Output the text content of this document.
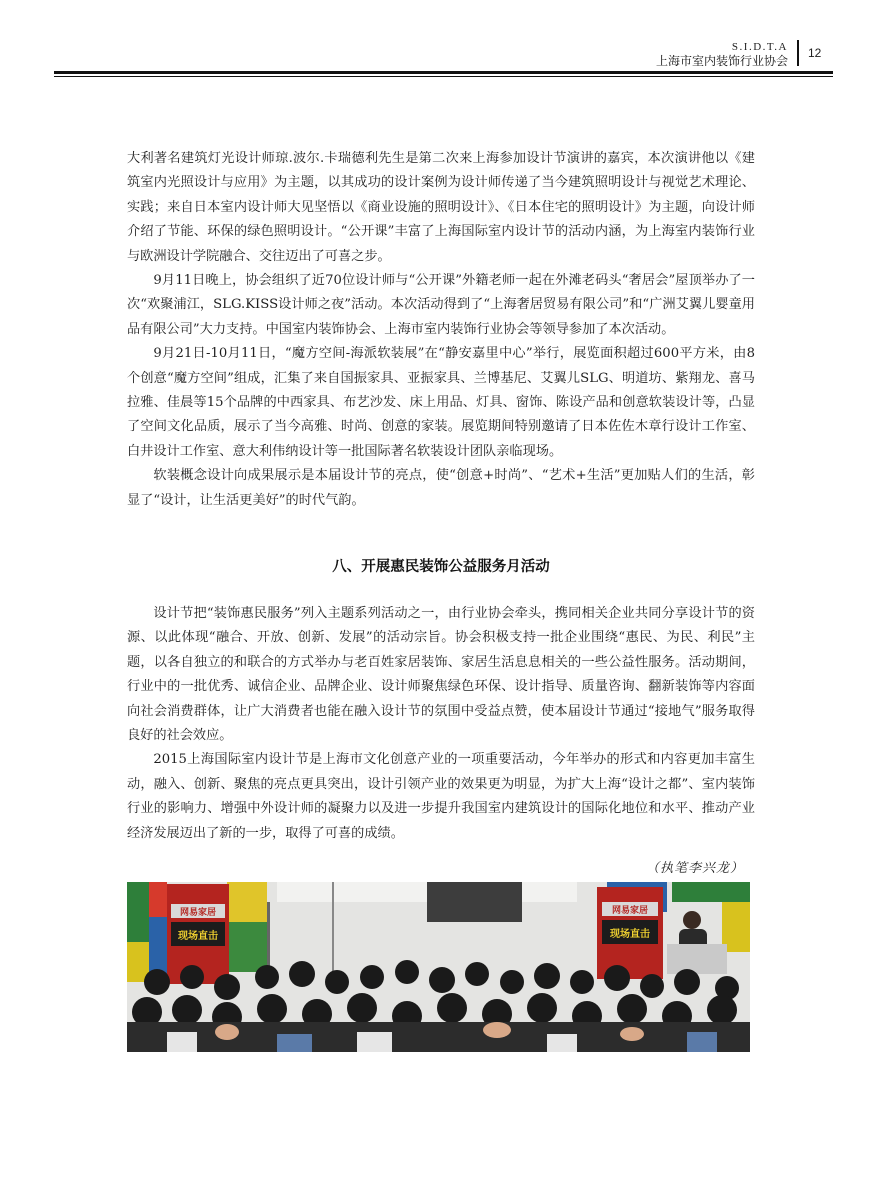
S.I.D.T.A
上海市室内装饰行业协会
12

大利著名建筑灯光设计师琼.波尔.卡瑞德利先生是第二次来上海参加设计节演讲的嘉宾，本次演讲他以《建筑室内光照设计与应用》为主题，以其成功的设计案例为设计师传递了当今建筑照明设计与视觉艺术理论、实践；来自日本室内设计师大见坚悟以《商业设施的照明设计》、《日本住宅的照明设计》为主题，向设计师介绍了节能、环保的绿色照明设计。“公开课”丰富了上海国际室内设计节的活动内涵，为上海室内装饰行业与欧洲设计学院融合、交往迈出了可喜之步。

9月11日晚上，协会组织了近70位设计师与“公开课”外籍老师一起在外滩老码头“奢居会”屋顶举办了一次“欢聚浦江，SLG.KISS设计师之夜”活动。本次活动得到了“上海奢居贸易有限公司”和“广洲艾翼儿婴童用品有限公司”大力支持。中国室内装饰协会、上海市室内装饰行业协会等领导参加了本次活动。

9月21日-10月11日，“魔方空间-海派软装展”在“静安嘉里中心”举行，展览面积超过600平方米，由8个创意“魔方空间”组成，汇集了来自国振家具、亚振家具、兰博基尼、艾翼儿SLG、明道坊、紫翔龙、喜马拉雅、佳晨等15个品牌的中西家具、布艺沙发、床上用品、灯具、窗饰、陈设产品和创意软装设计等，凸显了空间文化品质，展示了当今高雅、时尚、创意的家装。展览期间特别邀请了日本佐佐木章行设计工作室、白井设计工作室、意大利伟纳设计等一批国际著名软装设计团队亲临现场。

软装概念设计向成果展示是本届设计节的亮点，使“创意+时尚”、“艺术+生活”更加贴人们的生活，彰显了“设计，让生活更美好”的时代气韵。

八、开展惠民装饰公益服务月活动

设计节把“装饰惠民服务”列入主题系列活动之一，由行业协会牵头，携同相关企业共同分享设计节的资源、以此体现“融合、开放、创新、发展”的活动宗旨。协会积极支持一批企业围绕“惠民、为民、利民”主题，以各自独立的和联合的方式举办与老百姓家居装饰、家居生活息息相关的一些公益性服务。活动期间，行业中的一批优秀、诚信企业、品牌企业、设计师聚焦绿色环保、设计指导、质量咨询、翻新装饰等内容面向社会消费群体，让广大消费者也能在融入设计节的氛围中受益点赞，使本届设计节通过“接地气”服务取得良好的社会效应。

2015上海国际室内设计节是上海市文化创意产业的一项重要活动，今年举办的形式和内容更加丰富生动，融入、创新、聚焦的亮点更具突出，设计引领产业的效果更为明显，为扩大上海“设计之都”、室内装饰行业的影响力、增强中外设计师的凝聚力以及进一步提升我国室内建筑设计的国际化地位和水平、推动产业经济发展迈出了新的一步，取得了可喜的成绩。

（执笔李兴龙）
网易家居
现场直击
网易家居
现场直击
